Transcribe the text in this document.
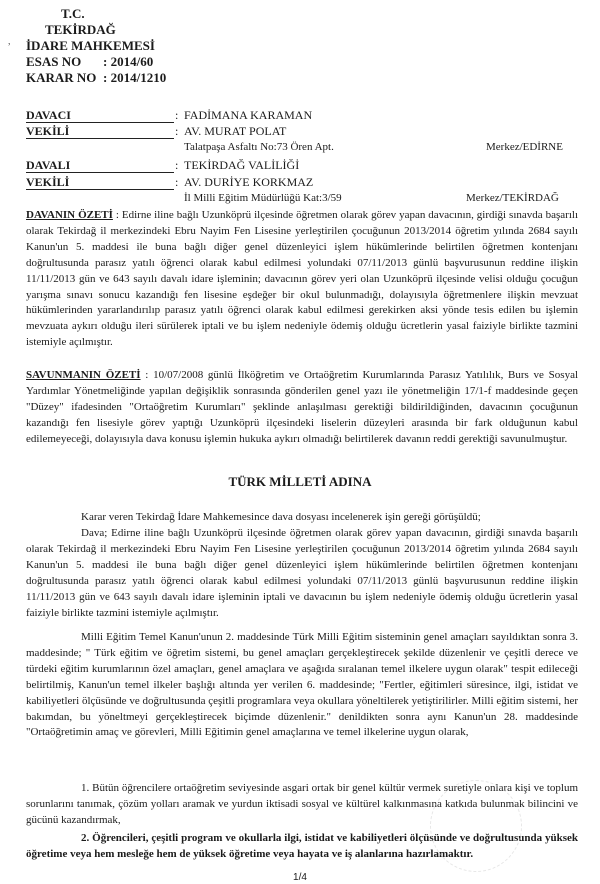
,
T.C.
TEKİRDAĞ
İDARE MAHKEMESİ
ESAS NO	: 2014/60
KARAR NO : 2014/1210
DAVACI	: FADİMANA KARAMAN
VEKİLİ	: AV. MURAT POLAT
Talatpaşa Asfaltı No:73 Ören Apt.	Merkez/EDİRNE
DAVALI	: TEKİRDAĞ VALİLİĞİ
VEKİLİ	: AV. DURİYE KORKMAZ
İl Milli Eğitim Müdürlüğü Kat:3/59	Merkez/TEKİRDAĞ
DAVANIN ÖZETİ : Edirne iline bağlı Uzunköprü ilçesinde öğretmen olarak görev yapan davacının, girdiği sınavda başarılı olarak Tekirdağ il merkezindeki Ebru Nayim Fen Lisesine yerleştirilen çocuğunun 2013/2014 öğretim yılında 2684 sayılı Kanun'un 5. maddesi ile buna bağlı diğer genel düzenleyici işlem hükümlerinde belirtilen öğretmen kontenjanı doğrultusunda parasız yatılı öğrenci olarak kabul edilmesi yolundaki 07/11/2013 günlü başvurusunun reddine ilişkin 11/11/2013 gün ve 643 sayılı davalı idare işleminin; davacının görev yeri olan Uzunköprü ilçesinde velisi olduğu çocuğun yarışma sınavı sonucu kazandığı fen lisesine eşdeğer bir okul bulunmadığı, dolayısıyla öğretmenlere ilişkin mevzuat hükümlerinden yararlandırılıp parasız yatılı öğrenci olarak kabul edilmesi gerekirken aksi yönde tesis edilen bu işlemin mevzuata aykırı olduğu ileri sürülerek iptali ve bu işlem nedeniyle ödemiş olduğu ücretlerin yasal faiziyle birlikte tazmini istemiyle açılmıştır.
SAVUNMANIN ÖZETİ : 10/07/2008 günlü İlköğretim ve Ortaöğretim Kurumlarında Parasız Yatılılık, Burs ve Sosyal Yardımlar Yönetmeliğinde yapılan değişiklik sonrasında gönderilen genel yazı ile yönetmeliğin 17/1-f maddesinde geçen "Düzey" ifadesinden "Ortaöğretim Kurumları" şeklinde anlaşılması gerektiği bildirildiğinden, davacının çocuğunun kazandığı fen lisesiyle görev yaptığı Uzunköprü ilçesindeki liselerin düzeyleri arasında bir fark olduğunun kabul edilemeyeceği, dolayısıyla dava konusu işlemin hukuka aykırı olmadığı belirtilerek davanın reddi gerektiği savunulmuştur.
TÜRK MİLLETİ ADINA
Karar veren Tekirdağ İdare Mahkemesince dava dosyası incelenerek işin gereği görüşüldü;
Dava; Edirne iline bağlı Uzunköprü ilçesinde öğretmen olarak görev yapan davacının, girdiği sınavda başarılı olarak Tekirdağ il merkezindeki Ebru Nayim Fen Lisesine yerleştirilen çocuğunun 2013/2014 öğretim yılında 2684 sayılı Kanun'un 5. maddesi ile buna bağlı diğer genel düzenleyici işlem hükümlerinde belirtilen öğretmen kontenjanı doğrultusunda parasız yatılı öğrenci olarak kabul edilmesi yolundaki 07/11/2013 günlü başvurusunun reddine ilişkin 11/11/2013 gün ve 643 sayılı davalı idare işleminin iptali ve davacının bu işlem nedeniyle ödemiş olduğu ücretlerin yasal faiziyle birlikte tazmini istemiyle açılmıştır.
Milli Eğitim Temel Kanun'unun 2. maddesinde Türk Milli Eğitim sisteminin genel amaçları sayıldıktan sonra 3. maddesinde; " Türk eğitim ve öğretim sistemi, bu genel amaçları gerçekleştirecek şekilde düzenlenir ve çeşitli derece ve türdeki eğitim kurumlarının özel amaçları, genel amaçlara ve aşağıda sıralanan temel ilkelere uygun olarak" tespit edileceği belirtilmiş, Kanun'un temel ilkeler başlığı altında yer verilen 6. maddesinde; "Fertler, eğitimleri süresince, ilgi, istidat ve kabiliyetleri ölçüsünde ve doğrultusunda çeşitli programlara veya okullara yöneltilerek yetiştirilirler. Milli eğitim sistemi, her bakımdan, bu yöneltmeyi gerçekleştirecek biçimde düzenlenir." denildikten sonra aynı Kanun'un 28. maddesinde "Ortaöğretimin amaç ve görevleri, Milli Eğitimin genel amaçlarına ve temel ilkelerine uygun olarak,
1. Bütün öğrencilere ortaöğretim seviyesinde asgari ortak bir genel kültür vermek suretiyle onlara kişi ve toplum sorunlarını tanımak, çözüm yolları aramak ve yurdun iktisadi sosyal ve kültürel kalkınmasına katkıda bulunmak bilincini ve gücünü kazandırmak,
2. Öğrencileri, çeşitli program ve okullarla ilgi, istidat ve kabiliyetleri ölçüsünde ve doğrultusunda yüksek öğretime veya hem mesleğe hem de yüksek öğretime veya hayata ve iş alanlarına hazırlamaktır.
1/4
